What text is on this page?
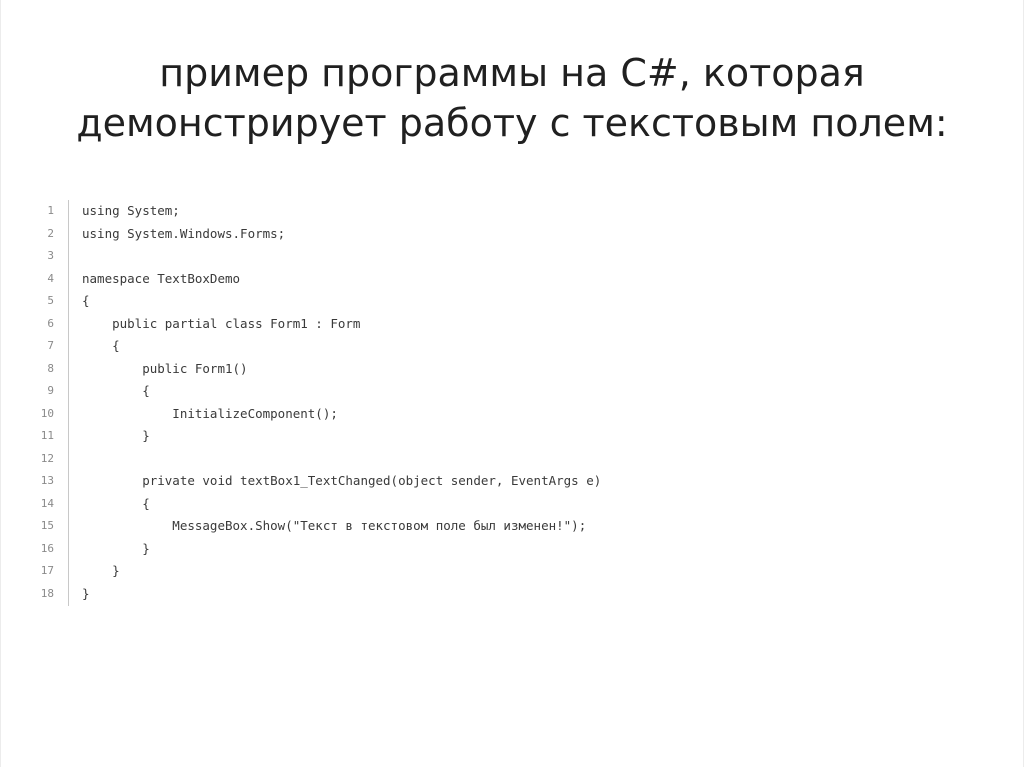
пример программы на C#, которая
демонстрирует работу с текстовым полем:
1
2
3
4
5
6
7
8
9
10
11
12
13
14
15
16
17
18
using System;
using System.Windows.Forms;
namespace TextBoxDemo
{
public partial class Form1 : Form
{
public Form1()
{
InitializeComponent();
}
private void textBox1_TextChanged(object sender, EventArgs e)
{
MessageBox.Show("Текст в текстовом поле был изменен!");
}
}
}
